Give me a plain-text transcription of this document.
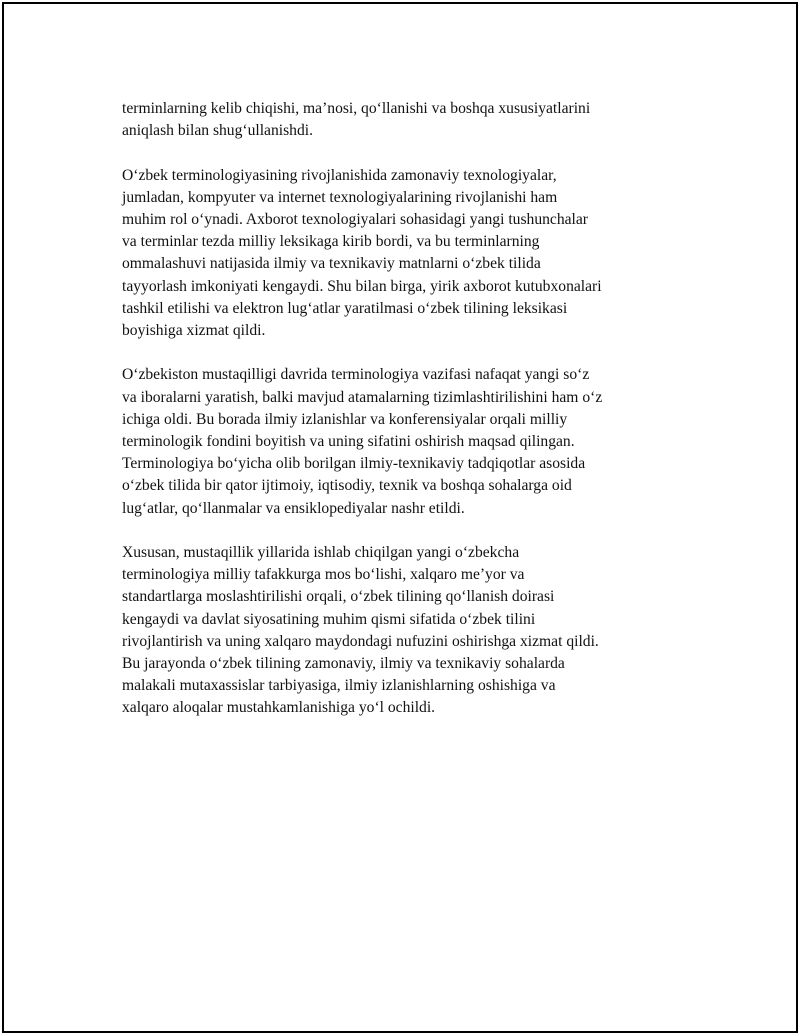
terminlarning kelib chiqishi, ma’nosi, qo‘llanishi va boshqa xususiyatlarini
aniqlash bilan shug‘ullanishdi.

O‘zbek terminologiyasining rivojlanishida zamonaviy texnologiyalar,
jumladan, kompyuter va internet texnologiyalarining rivojlanishi ham
muhim rol o‘ynadi. Axborot texnologiyalari sohasidagi yangi tushunchalar
va terminlar tezda milliy leksikaga kirib bordi, va bu terminlarning
ommalashuvi natijasida ilmiy va texnikaviy matnlarni o‘zbek tilida
tayyorlash imkoniyati kengaydi. Shu bilan birga, yirik axborot kutubxonalari
tashkil etilishi va elektron lug‘atlar yaratilmasi o‘zbek tilining leksikasi
boyishiga xizmat qildi.

O‘zbekiston mustaqilligi davrida terminologiya vazifasi nafaqat yangi so‘z
va iboralarni yaratish, balki mavjud atamalarning tizimlashtirilishini ham o‘z
ichiga oldi. Bu borada ilmiy izlanishlar va konferensiyalar orqali milliy
terminologik fondini boyitish va uning sifatini oshirish maqsad qilingan.
Terminologiya bo‘yicha olib borilgan ilmiy-texnikaviy tadqiqotlar asosida
o‘zbek tilida bir qator ijtimoiy, iqtisodiy, texnik va boshqa sohalarga oid
lug‘atlar, qo‘llanmalar va ensiklopediyalar nashr etildi.

Xususan, mustaqillik yillarida ishlab chiqilgan yangi o‘zbekcha
terminologiya milliy tafakkurga mos bo‘lishi, xalqaro me’yor va
standartlarga moslashtirilishi orqali, o‘zbek tilining qo‘llanish doirasi
kengaydi va davlat siyosatining muhim qismi sifatida o‘zbek tilini
rivojlantirish va uning xalqaro maydondagi nufuzini oshirishga xizmat qildi.
Bu jarayonda o‘zbek tilining zamonaviy, ilmiy va texnikaviy sohalarda
malakali mutaxassislar tarbiyasiga, ilmiy izlanishlarning oshishiga va
xalqaro aloqalar mustahkamlanishiga yo‘l ochildi.
